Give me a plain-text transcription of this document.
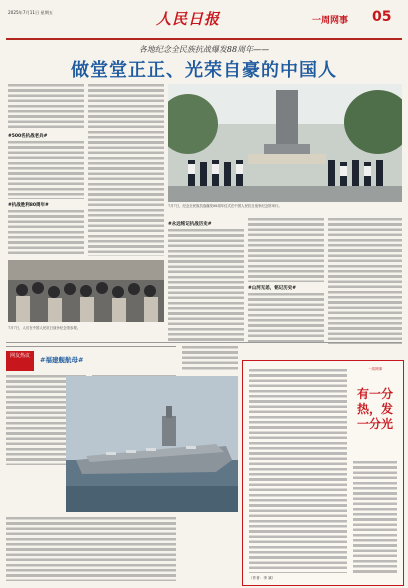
2025年7月11日 星期五	人民日报	一周网事 05
各地纪念全民族抗战爆发88周年——
做堂堂正正、光荣自豪的中国人
#500名抗战老兵#
#抗战胜利80周年#	7月7日，纪念全民族抗战爆发88周年仪式在中国人民抗日战争纪念馆举行。
#永远铭记抗战历史#
#山河无恙，铭记历史#
7月7日，人们在中国人民抗日战争纪念馆参观。
网友热议	#福建舰航母#
一周网事
有一分热，发一分光
（作者：李 斌）
